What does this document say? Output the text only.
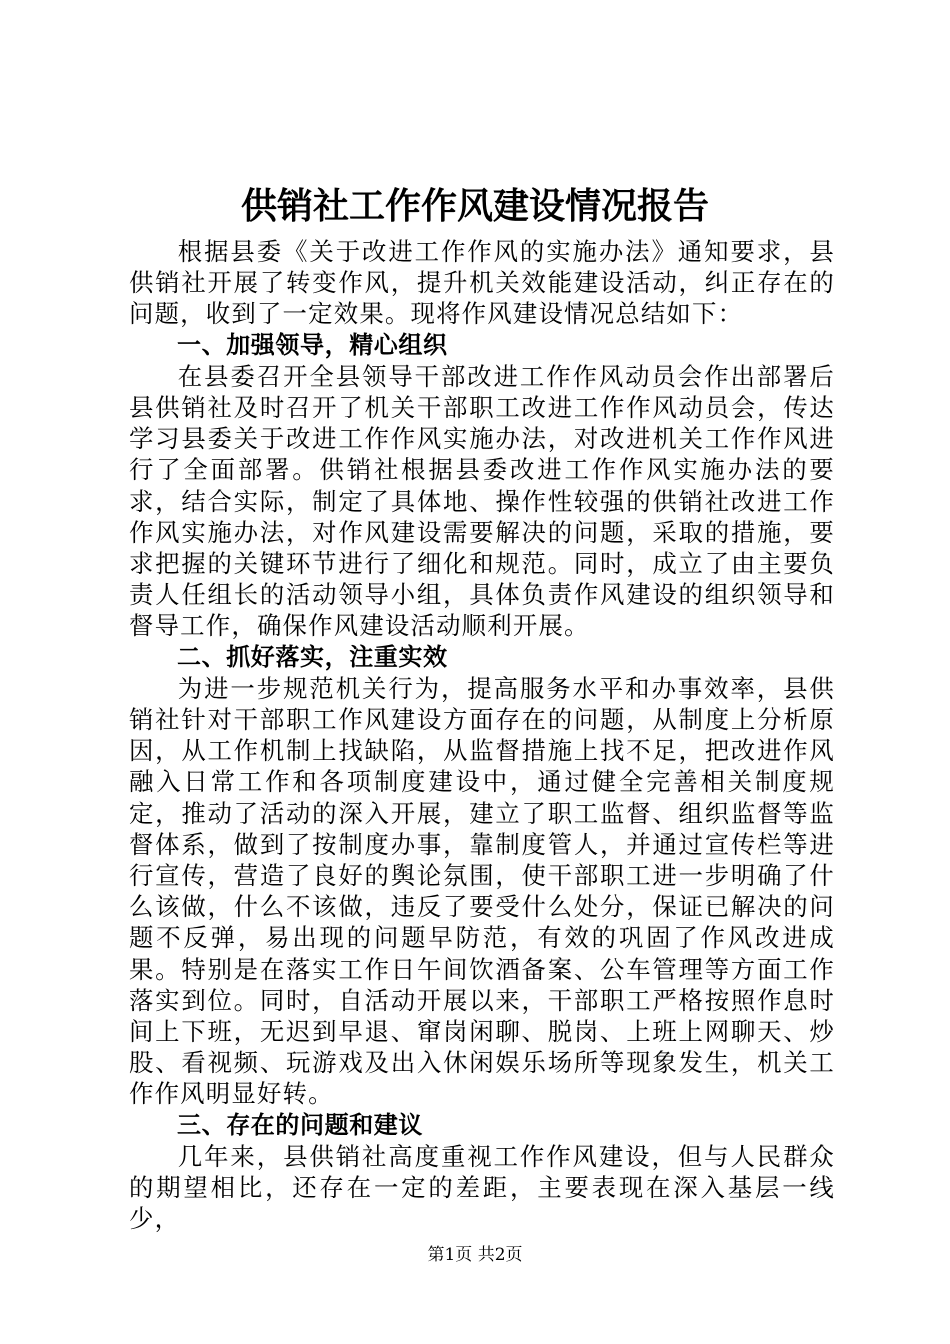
供销社工作作风建设情况报告

根据县委《关于改进工作作风的实施办法》通知要求，县供销社开展了转变作风，提升机关效能建设活动，纠正存在的问题，收到了一定效果。现将作风建设情况总结如下：

一、加强领导，精心组织

在县委召开全县领导干部改进工作作风动员会作出部署后县供销社及时召开了机关干部职工改进工作作风动员会，传达学习县委关于改进工作作风实施办法，对改进机关工作作风进行了全面部署。供销社根据县委改进工作作风实施办法的要求，结合实际，制定了具体地、操作性较强的供销社改进工作作风实施办法，对作风建设需要解决的问题，采取的措施，要求把握的关键环节进行了细化和规范。同时，成立了由主要负责人任组长的活动领导小组，具体负责作风建设的组织领导和督导工作，确保作风建设活动顺利开展。

二、抓好落实，注重实效

为进一步规范机关行为，提高服务水平和办事效率，县供销社针对干部职工作风建设方面存在的问题，从制度上分析原因，从工作机制上找缺陷，从监督措施上找不足，把改进作风融入日常工作和各项制度建设中，通过健全完善相关制度规定，推动了活动的深入开展，建立了职工监督、组织监督等监督体系，做到了按制度办事，靠制度管人，并通过宣传栏等进行宣传，营造了良好的舆论氛围，使干部职工进一步明确了什么该做，什么不该做，违反了要受什么处分，保证已解决的问题不反弹，易出现的问题早防范，有效的巩固了作风改进成果。特别是在落实工作日午间饮酒备案、公车管理等方面工作落实到位。同时，自活动开展以来，干部职工严格按照作息时间上下班，无迟到早退、窜岗闲聊、脱岗、上班上网聊天、炒股、看视频、玩游戏及出入休闲娱乐场所等现象发生，机关工作作风明显好转。

三、存在的问题和建议

几年来，县供销社高度重视工作作风建设，但与人民群众的期望相比，还存在一定的差距，主要表现在深入基层一线少，

第1页 共2页
